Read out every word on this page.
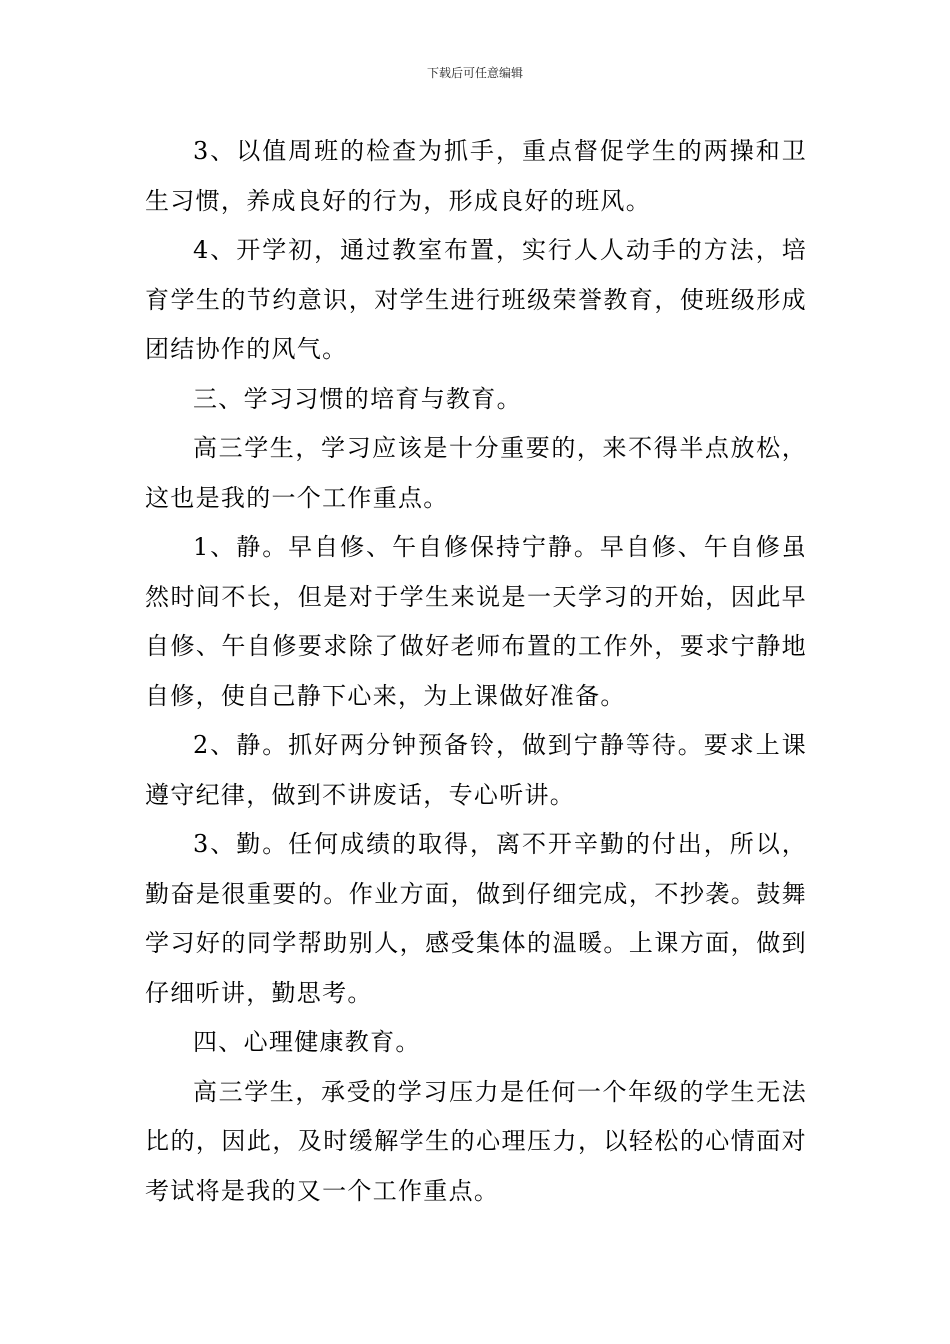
下载后可任意编辑

3、以值周班的检查为抓手，重点督促学生的两操和卫生习惯，养成良好的行为，形成良好的班风。

4、开学初，通过教室布置，实行人人动手的方法，培育学生的节约意识，对学生进行班级荣誉教育，使班级形成团结协作的风气。

三、学习习惯的培育与教育。

高三学生，学习应该是十分重要的，来不得半点放松，这也是我的一个工作重点。

1、静。早自修、午自修保持宁静。早自修、午自修虽然时间不长，但是对于学生来说是一天学习的开始，因此早自修、午自修要求除了做好老师布置的工作外，要求宁静地自修，使自己静下心来，为上课做好准备。

2、静。抓好两分钟预备铃，做到宁静等待。要求上课遵守纪律，做到不讲废话，专心听讲。

3、勤。任何成绩的取得，离不开辛勤的付出，所以，勤奋是很重要的。作业方面，做到仔细完成，不抄袭。鼓舞学习好的同学帮助别人，感受集体的温暖。上课方面，做到仔细听讲，勤思考。

四、心理健康教育。

高三学生，承受的学习压力是任何一个年级的学生无法比的，因此，及时缓解学生的心理压力，以轻松的心情面对考试将是我的又一个工作重点。
